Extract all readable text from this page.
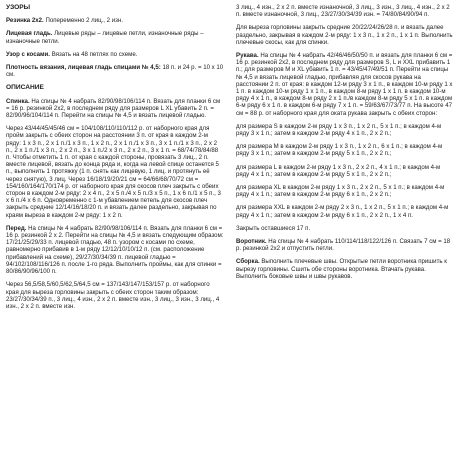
УЗОРЫ

Резинка 2х2. Попеременно 2 лиц., 2 изн.

Лицевая гладь. Лицевые ряды – лицевые петли, изнаночные ряды – изнаночные петли.

Узор с косами. Вязать на 48 петлях по схеме.

Плотность вязания, лицевая гладь спицами № 4,5: 18 п. и 24 р. = 10 х 10 см.

ОПИСАНИЕ

Спинка. На спицы № 4 набрать 82/90/98/106/114 п. Вязать для планки 6 см = 16 р. резинкой 2х2, в последнем ряду для размеров L XL убавить 2 п. = 82/90/96/104/114 п. Перейти на спицы № 4,5 и вязать лицевой гладью.

Через 43/44/45/45/46 см = 104/108/110/110/112 р. от наборного края для пройм закрыть с обеих сторон на расстоянии 3 п. от края в каждом 2-м ряду: 1 х 3 п., 2 х 1 п./1 х 3 п., 1 х 2 п., 2 х 1 п./1 х 3 п., 3 х 1 п./1 х 3 п., 2 х 2 п., 2 х 1 п./1 х 3 п., 2 х 2 п., 3 х 1 п./2 х 3 п., 2 х 2 п., 3 х 1 п. = 68/74/78/84/88 п. Чтобы отметить 1 п. от края с каждой стороны, провязать 3 лиц., 2 п. вместе лицевой, вязать до конца ряда и, когда на левой спице останется 5 п., выполнить 1 протяжку (1 п. снять как лицевую, 1 лиц. и протянуть её через снятую), 3 лиц. Через 16/18/19/20/21 см = 64/66/68/70/72 см = 154/160/164/170/174 р. от наборного края для скосов плеч закрыть с обеих сторон в каждом 2-м ряду: 2 х 4 п., 2 х 5 п./4 х 5 п./3 х 5 п., 1 х 6 п./1 х 5 п., 3 х 6 п./4 х 6 п. Одновременно с 1-м убавлением петель для скосов плеч закрыть средние 12/14/16/18/20 п. и вязать далее раздельно, закрывая по краям выреза в каждом 2-м ряду: 1 х 2 п.

Перед. На спицы № 4 набрать 82/90/98/106/114 п. Вязать для планки 6 см = 16 р. резинкой 2 х 2. Перейти на спицы № 4,5 и вязать следующим образом: 17/21/25/29/33 п. лицевой гладью, 48 п. узором с косами по схеме, равномерно прибавив в 1-м ряду 12/12/10/10/12 п. (см. расположение прибавлений на схеме), 29/27/30/34/39 п. лицевой гладью = 94/102/108/116/126 п. после 1-го ряда. Выполнить проймы, как для спинки = 80/86/90/96/100 п.

Через 56,5/58,5/60,5/62,5/64,5 см = 137/143/147/153/157 р. от наборного края для выреза горловины закрыть с обеих сторон таким образом: 23/27/30/34/39 п., 3 лиц., 4 изн., 2 х 2 п. вместе изн., 3 лиц., 3 изн., 3 лиц., 4 изн., 2 х 2 п. вместе изн.

3 лиц., 4 изн., 2 х 2 п. вместе изнаночной, 3 лиц., 3 изн., 3 лиц., 4 изн., 2 х 2 п. вместе изнаночной, 3 лиц., 23/27/30/34/39 изн. = 74/80/84/90/94 п.

Для выреза горловины закрыть средние 20/22/24/26/28 п. и вязать далее раздельно, закрывая в каждом 2-м ряду: 1 х 3 п., 1 х 2 п., 1 х 1 п. Выполнить плечевые скосы, как для спинки.

Рукава. На спицы № 4 набрать 42/46/46/50/50 п. и вязать для планки 6 см = 16 р. резинкой 2х2, в последнем ряду для размеров S, L и XXL прибавить 1 п.; для размеров M и XL убавить 1 п. = 43/45/47/49/51 п. Перейти на спицы № 4,5 и вязать лицевой гладью, прибавляя для скосов рукава на расстоянии 2 п. от края: в каждом 12-м ряду 3 х 1 п., в каждом 10-м ряду 1 х 1 п. в каждом 10-м ряду 1 х 1 п., в каждом 8-м ряду 1 х 1 п. в каждом 10-м ряду 4 х 1 п., в каждом 8-м ряду 2 х 1 п./в каждом 8-м ряду 5 х 1 п. в каждом 6-м ряду 6 х 1 п. в каждом 6-м ряду 7 х 1 п. = 59/63/67/73/77 п. На высоте 47 см = 88 р. от наборного края для оката рукава закрыть с обеих сторон:

для размера S в каждом 2-м ряду 1 х 3 п., 1 х 2 п., 5 х 1 п.; в каждом 4-м ряду 3 х 1 п.; затем в каждом 2-м ряду 4 х 1 п., 2 х 2 п.;

для размера M в каждом 2-м ряду 1 х 3 п., 1 х 2 п., 6 х 1 п.; в каждом 4-м ряду 3 х 1 п.; затем в каждом 2-м ряду 5 х 1 п., 2 х 2 п.;

для размера L в каждом 2-м ряду 1 х 3 п., 2 х 2 п., 4 х 1 п.; в каждом 4-м ряду 4 х 1 п.; затем в каждом 2-м ряду 5 х 1 п., 2 х 2 п.;

для размера XL в каждом 2-м ряду 1 х 3 п., 2 х 2 п., 5 х 1 п.; в каждом 4-м ряду 4 х 1 п.; затем в каждом 2-м ряду 6 х 1 п., 2 х 2 п.;

для размера XXL в каждом 2-м ряду 2 х 3 п., 1 х 2 п., 5 х 1 п.; в каждом 4-м ряду 4 х 1 п.; затем в каждом 2-м ряду 6 х 1 п., 2 х 2 п., 1 х 4 п.

Закрыть оставшиеся 17 п.

Воротник. На спицы № 4 набрать 110/114/118/122/126 п. Связать 7 см = 18 р. резинкой 2х2 и отпустить петли.

Сборка. Выполнить плечевые швы. Открытые петли воротника пришить к вырезу горловины. Сшить обе стороны воротника. Втачать рукава. Выполнить боковые швы и швы рукавов.
